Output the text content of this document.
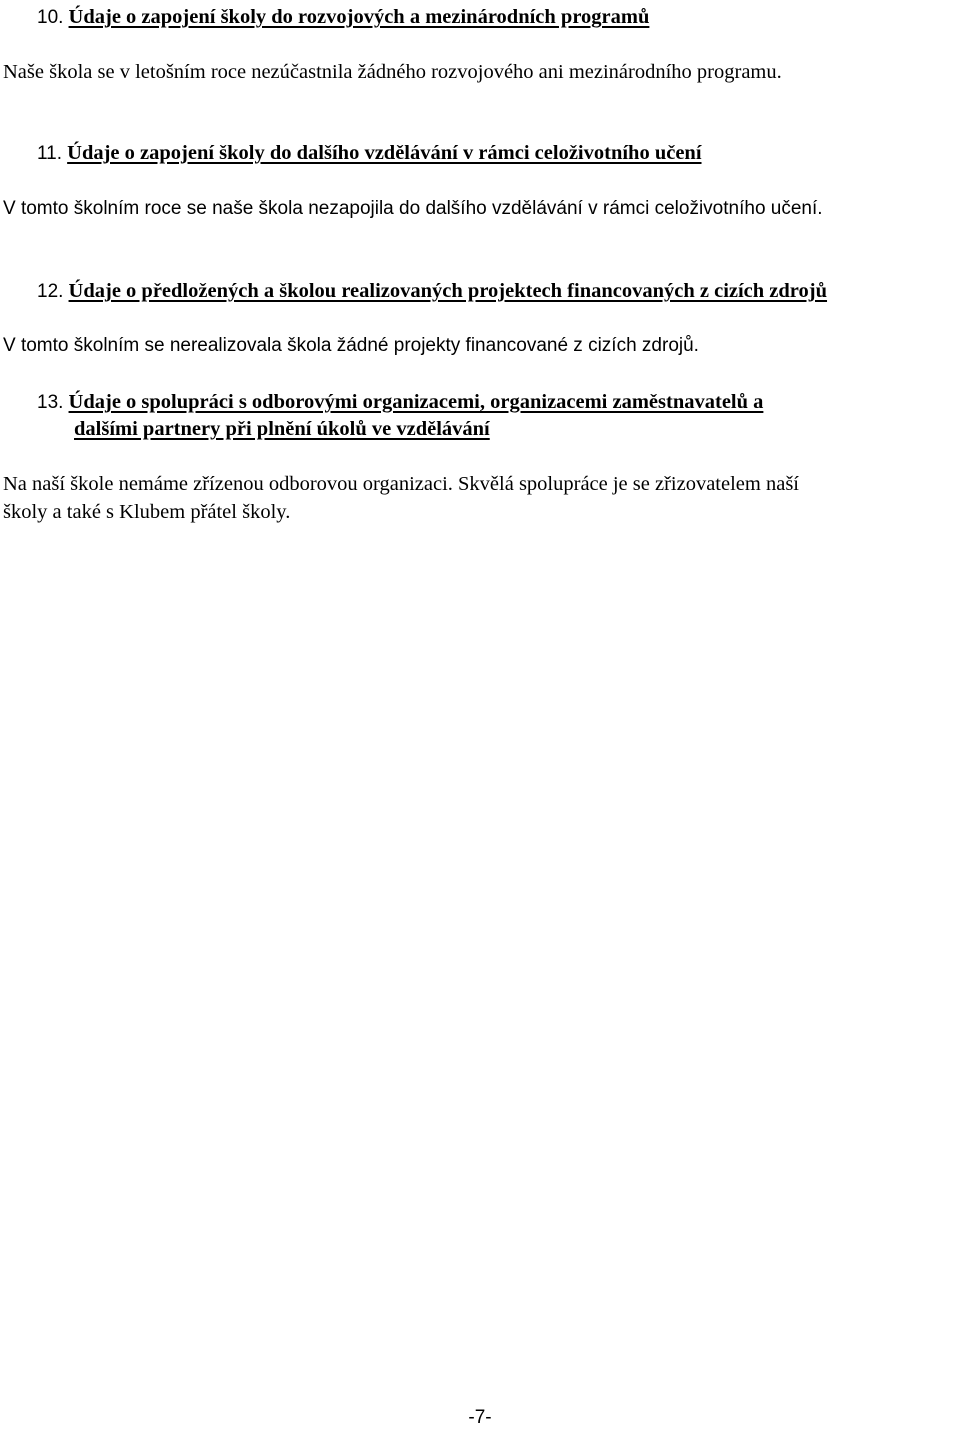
10. Údaje o zapojení školy do rozvojových a mezinárodních programů
Naše škola se v letošním roce nezúčastnila žádného rozvojového ani mezinárodního programu.
11. Údaje o zapojení školy do dalšího vzdělávání v rámci celoživotního učení
V tomto školním roce se naše škola nezapojila do dalšího vzdělávání v rámci celoživotního učení.
12. Údaje o předložených a školou realizovaných projektech financovaných z cizích zdrojů
V tomto školním se nerealizovala škola žádné projekty financované z cizích zdrojů.
13. Údaje o spolupráci s odborovými organizacemi, organizacemi zaměstnavatelů a
dalšími partnery při plnění úkolů ve vzdělávání
Na naší škole nemáme zřízenou odborovou organizaci. Skvělá spolupráce je se zřizovatelem naší
školy a také s Klubem přátel školy.
-7-
